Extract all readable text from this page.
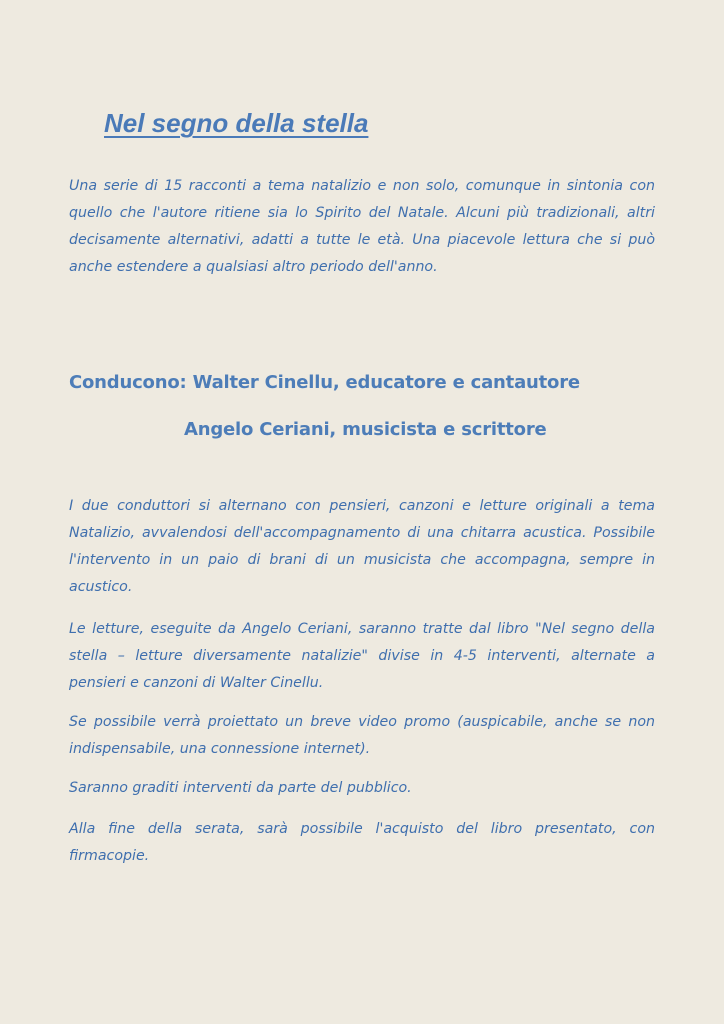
Nel segno della stella

Una serie di 15 racconti a tema natalizio e non solo, comunque in sintonia con quello che l'autore ritiene sia lo Spirito del Natale. Alcuni più tradizionali, altri decisamente alternativi, adatti a tutte le età. Una piacevole lettura che si può anche estendere a qualsiasi altro periodo dell'anno.

Conducono: Walter Cinellu, educatore e cantautore
Angelo Ceriani, musicista e scrittore

I due conduttori si alternano con pensieri, canzoni e letture originali a tema Natalizio, avvalendosi dell'accompagnamento di una chitarra acustica. Possibile l'intervento in un paio di brani di un musicista che accompagna, sempre in acustico.

Le letture, eseguite da Angelo Ceriani, saranno tratte dal libro "Nel segno della stella – letture diversamente natalizie" divise in 4-5 interventi, alternate a pensieri e canzoni di Walter Cinellu.

Se possibile verrà proiettato un breve video promo (auspicabile, anche se non indispensabile, una connessione internet).

Saranno graditi interventi da parte del pubblico.

Alla fine della serata, sarà possibile l'acquisto del libro presentato, con firmacopie.
